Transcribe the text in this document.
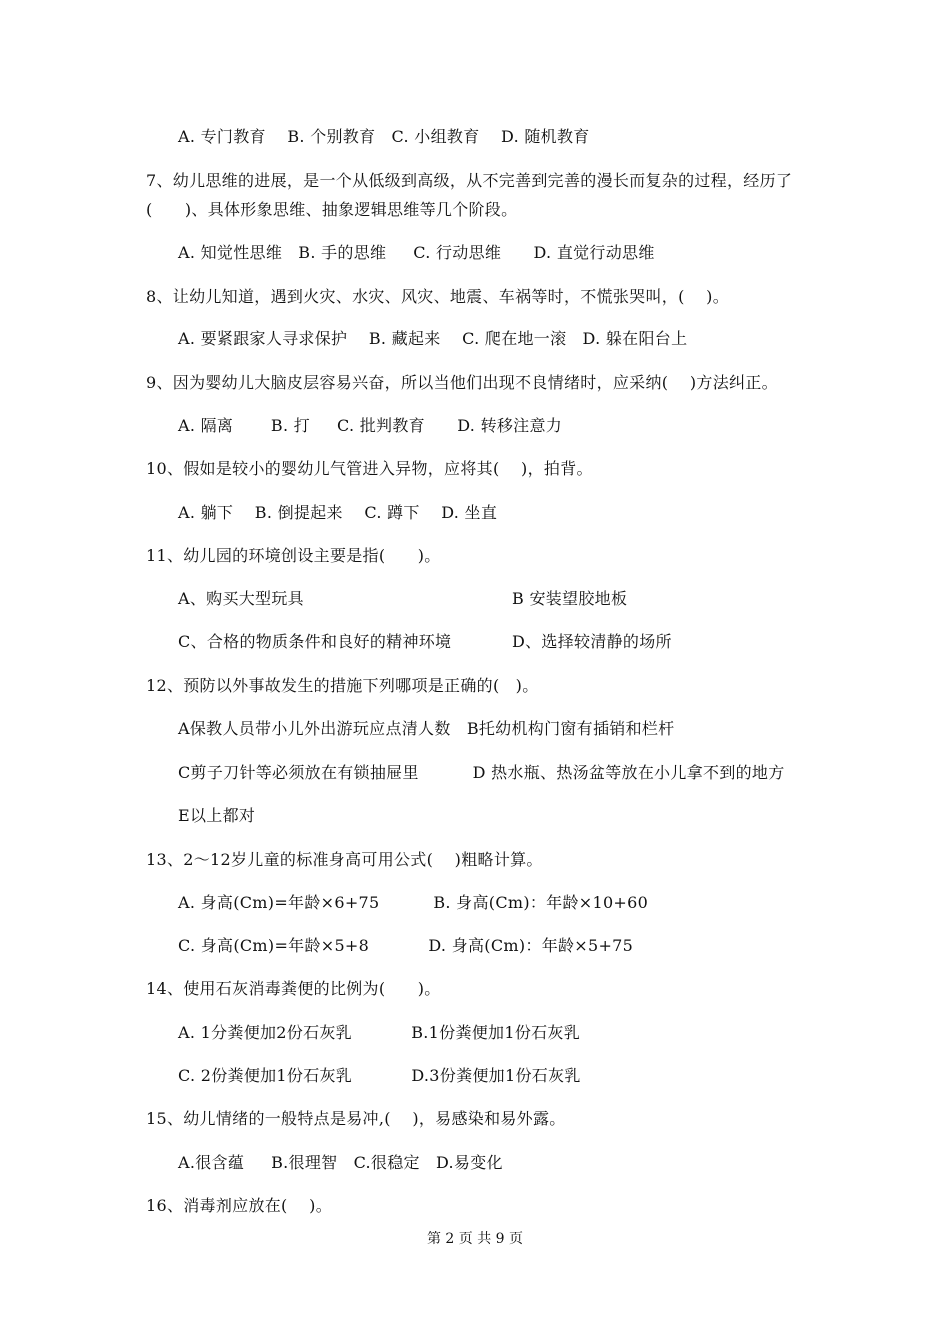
A. 专门教育    B. 个别教育   C. 小组教育    D. 随机教育
7、幼儿思维的进展，是一个从低级到高级，从不完善到完善的漫长而复杂的过程，经历了
(      )、具体形象思维、抽象逻辑思维等几个阶段。
A. 知觉性思维   B. 手的思维     C. 行动思维      D. 直觉行动思维
8、让幼儿知道，遇到火灾、水灾、风灾、地震、车祸等时，不慌张哭叫，(    )。
A. 要紧跟家人寻求保护    B. 藏起来    C. 爬在地一滚   D. 躲在阳台上
9、因为婴幼儿大脑皮层容易兴奋，所以当他们出现不良情绪时，应采纳(    )方法纠正。
A. 隔离       B. 打     C. 批判教育      D. 转移注意力
10、假如是较小的婴幼儿气管进入异物，应将其(    )，拍背。
A. 躺下    B. 倒提起来    C. 蹲下    D. 坐直
11、幼儿园的环境创设主要是指(      )。
A、购买大型玩具	B 安装望胶地板
C、合格的物质条件和良好的精神环境	D、选择较清静的场所
12、预防以外事故发生的措施下列哪项是正确的(   )。
A保教人员带小儿外出游玩应点清人数   B托幼机构门窗有插销和栏杆
C剪子刀针等必须放在有锁抽屉里          D 热水瓶、热汤盆等放在小儿拿不到的地方
E以上都对
13、2～12岁儿童的标准身高可用公式(    )粗略计算。
A. 身高(Cm)=年龄×6+75          B. 身高(Cm)：年龄×10+60
C. 身高(Cm)=年龄×5+8           D. 身高(Cm)：年龄×5+75
14、使用石灰消毒粪便的比例为(      )。
A. 1分粪便加2份石灰乳           B.1份粪便加1份石灰乳
C. 2份粪便加1份石灰乳           D.3份粪便加1份石灰乳
15、幼儿情绪的一般特点是易冲,(    )，易感染和易外露。
A.很含蕴     B.很理智   C.很稳定   D.易变化
16、消毒剂应放在(    )。
第 2 页 共 9 页
